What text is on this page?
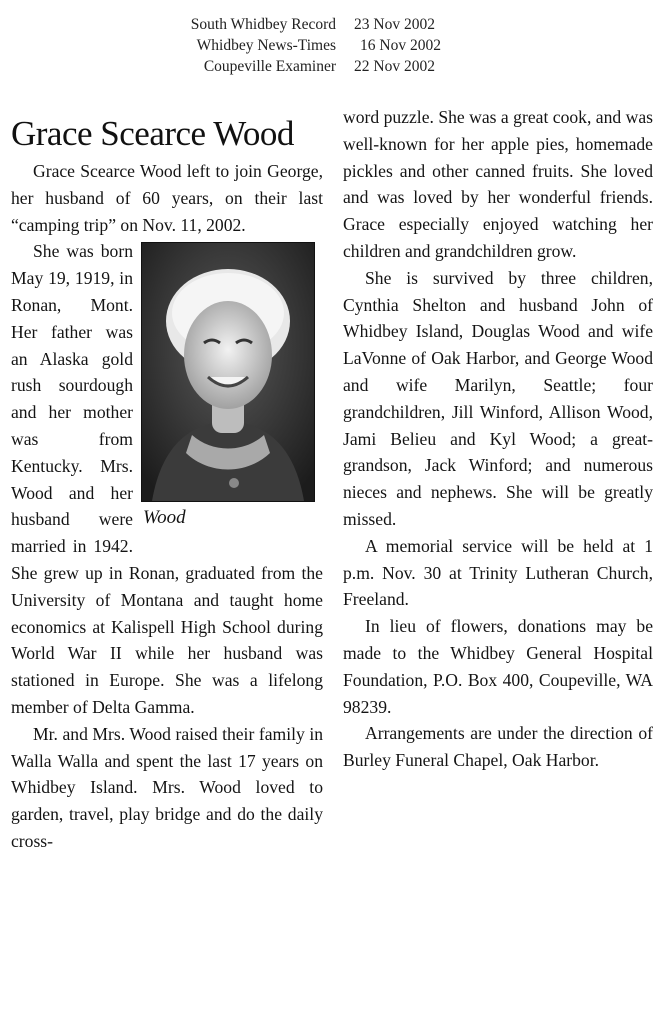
South Whidbey Record	23 Nov 2002
Whidbey News-Times	16 Nov 2002
Coupeville Examiner	22 Nov 2002
Grace Scearce Wood

Grace Scearce Wood left to join George, her husband of 60 years, on their last “camping trip” on Nov. 11, 2002.

Wood

She was born May 19, 1919, in Ronan, Mont. Her father was an Alaska gold rush sourdough and her mother was from Kentucky. Mrs. Wood and her husband were married in 1942. She grew up in Ronan, graduated from the University of Montana and taught home economics at Kalispell High School during World War II while her husband was stationed in Europe. She was a lifelong member of Delta Gamma.

Mr. and Mrs. Wood raised their family in Walla Walla and spent the last 17 years on Whidbey Island. Mrs. Wood loved to garden, travel, play bridge and do the daily cross-

word puzzle. She was a great cook, and was well-known for her apple pies, homemade pickles and other canned fruits. She loved and was loved by her wonderful friends. Grace especially enjoyed watching her children and grandchildren grow.

She is survived by three children, Cynthia Shelton and husband John of Whidbey Island, Douglas Wood and wife LaVonne of Oak Harbor, and George Wood and wife Marilyn, Seattle; four grandchildren, Jill Winford, Allison Wood, Jami Belieu and Kyl Wood; a great-grandson, Jack Winford; and numerous nieces and nephews. She will be greatly missed.

A memorial service will be held at 1 p.m. Nov. 30 at Trinity Lutheran Church, Freeland.

In lieu of flowers, donations may be made to the Whidbey General Hospital Foundation, P.O. Box 400, Coupeville, WA 98239.

Arrangements are under the direction of Burley Funeral Chapel, Oak Harbor.
